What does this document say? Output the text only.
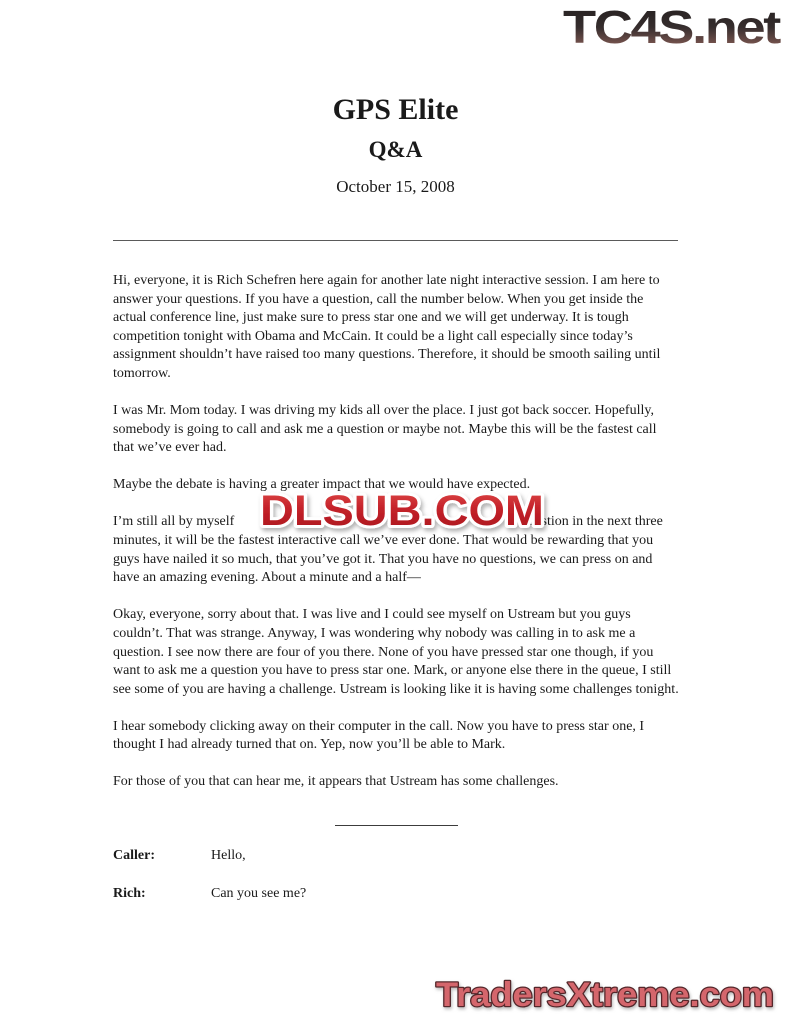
TC4S.net
GPS Elite
Q&A
October 15, 2008

Hi, everyone, it is Rich Schefren here again for another late night interactive session. I am here to answer your questions. If you have a question, call the number below. When you get inside the actual conference line, just make sure to press star one and we will get underway. It is tough competition tonight with Obama and McCain. It could be a light call especially since today’s assignment shouldn’t have raised too many questions. Therefore, it should be smooth sailing until tomorrow.

I was Mr. Mom today. I was driving my kids all over the place. I just got back soccer. Hopefully, somebody is going to call and ask me a question or maybe not. Maybe this will be the fastest call that we’ve ever had.

Maybe the debate is having a greater impact that we would have expected.

I’m still all by myself	question in the next three minutes, it will be the fastest interactive call we’ve ever done. That would be rewarding that you guys have nailed it so much, that you’ve got it. That you have no questions, we can press on and have an amazing evening. About a minute and a half—

Okay, everyone, sorry about that. I was live and I could see myself on Ustream but you guys couldn’t. That was strange. Anyway, I was wondering why nobody was calling in to ask me a question. I see now there are four of you there. None of you have pressed star one though, if you want to ask me a question you have to press star one. Mark, or anyone else there in the queue, I still see some of you are having a challenge. Ustream is looking like it is having some challenges tonight.

I hear somebody clicking away on their computer in the call. Now you have to press star one, I thought I had already turned that on. Yep, now you’ll be able to Mark.

For those of you that can hear me, it appears that Ustream has some challenges.

Caller:	Hello,
Rich:	Can you see me?
DLSUB.COM
TradersXtreme.com
